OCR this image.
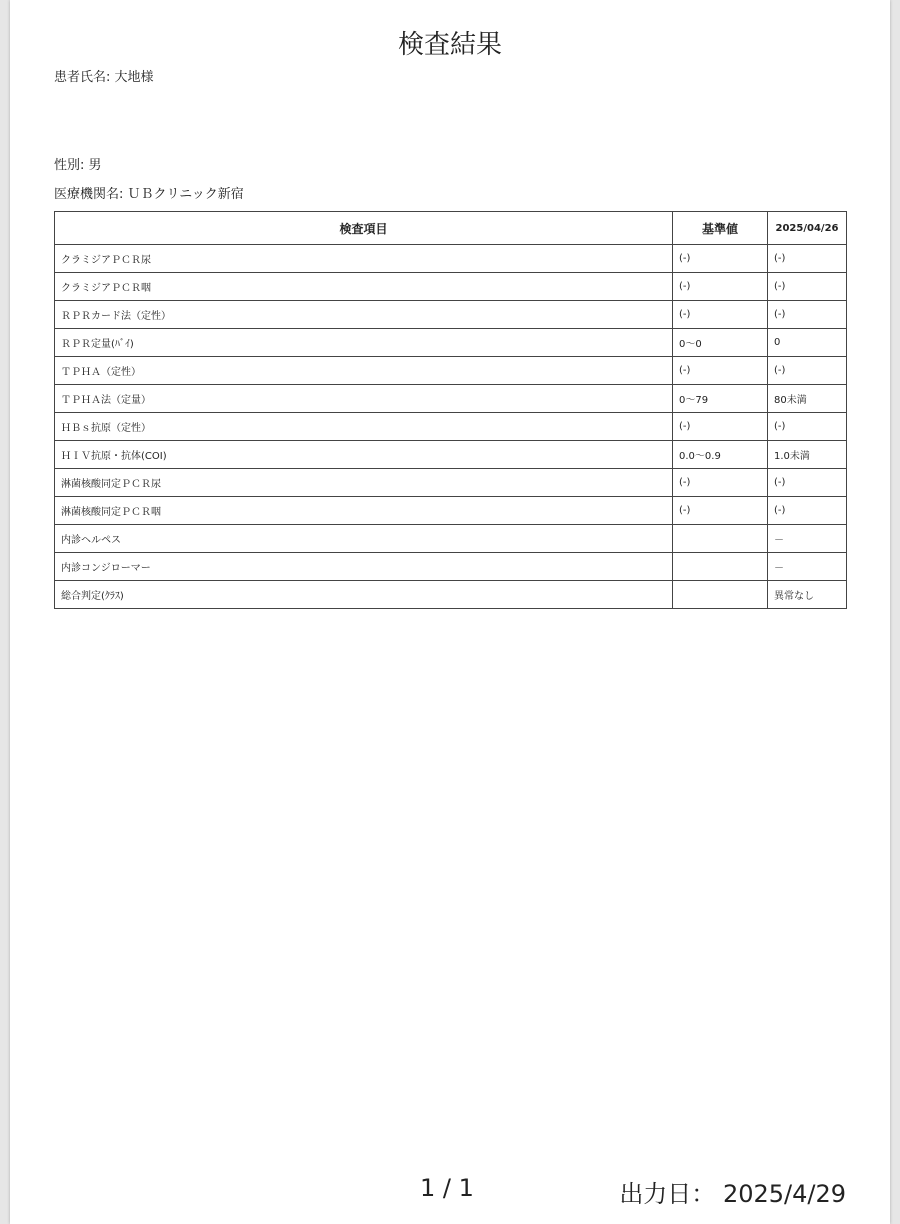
検査結果
患者氏名: 大地様
性別: 男
医療機関名: ＵＢクリニック新宿
検査項目	基準値	2025/04/26
クラミジアＰＣＲ尿	(-)	(-)
クラミジアＰＣＲ咽	(-)	(-)
ＲＰＲカード法（定性）	(-)	(-)
ＲＰＲ定量(ﾊﾞｲ)	0～0	0
ＴＰＨＡ（定性）	(-)	(-)
ＴＰＨＡ法（定量）	0～79	80未満
ＨＢｓ抗原（定性）	(-)	(-)
ＨＩＶ抗原・抗体(COI)	0.0～0.9	1.0未満
淋菌核酸同定ＰＣＲ尿	(-)	(-)
淋菌核酸同定ＰＣＲ咽	(-)	(-)
内診ヘルペス		－
内診コンジローマー		－
総合判定(ｸﾗｽ)		異常なし
1 / 1	出力日： 2025/4/29
